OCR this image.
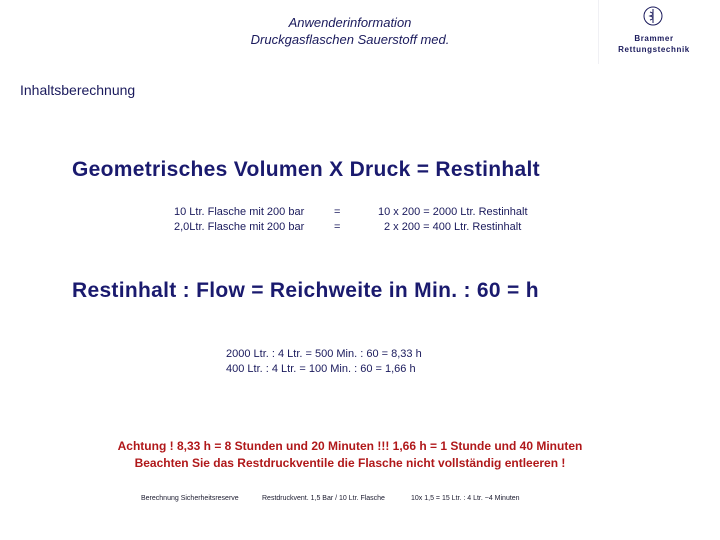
Anwenderinformation
Druckgasflaschen Sauerstoff med.	Brammer
Rettungstechnik
Inhaltsberechnung
Geometrisches Volumen X Druck = Restinhalt
10 Ltr. Flasche mit 200 bar	=	10 x 200 = 2000 Ltr. Restinhalt
2,0Ltr. Flasche mit 200 bar	=	2 x 200 = 400 Ltr. Restinhalt
Restinhalt : Flow = Reichweite in Min. : 60 = h
2000 Ltr. : 4 Ltr. = 500 Min. : 60 = 8,33 h
400 Ltr. : 4 Ltr. = 100 Min. : 60 = 1,66 h
Achtung ! 8,33 h = 8 Stunden und 20 Minuten !!! 1,66 h = 1 Stunde und 40 Minuten
Beachten Sie das Restdruckventile die Flasche nicht vollständig entleeren !
Berechnung Sicherheitsreserve	Restdruckvent. 1,5 Bar / 10 Ltr. Flasche	10x 1,5 = 15 Ltr. : 4 Ltr. ~4 Minuten
